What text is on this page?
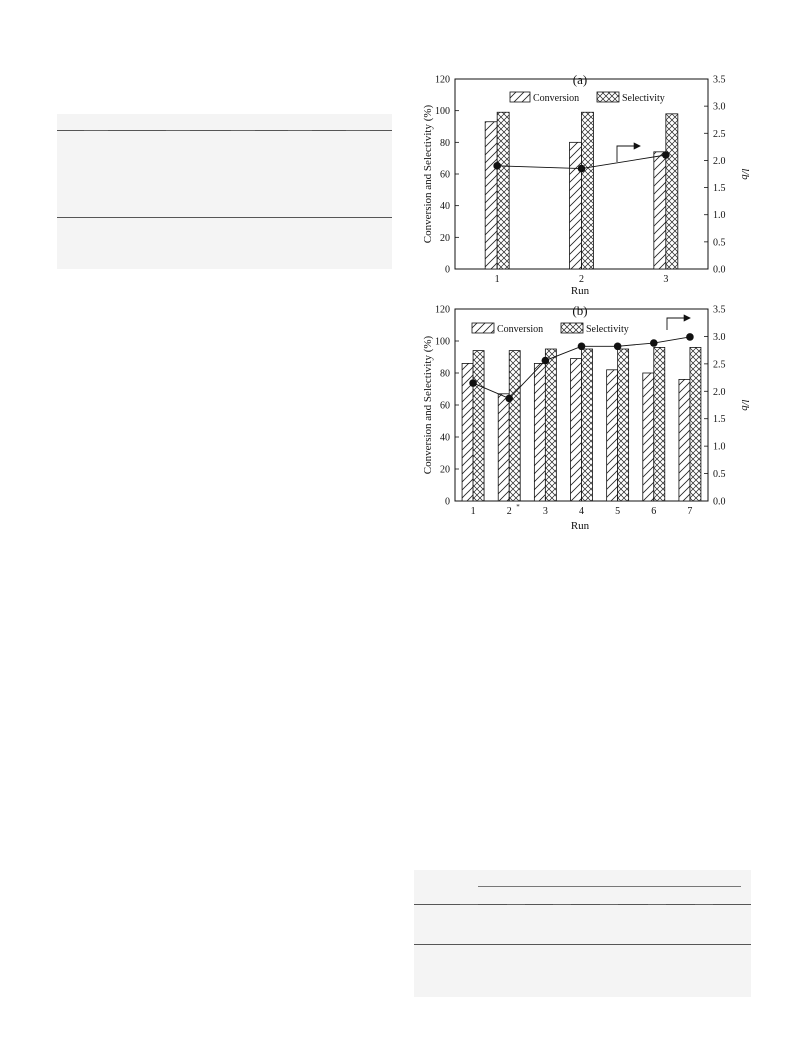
0
20
40
60
80
100
120
0.0
0.5
1.0
1.5
2.0
2.5
3.0
3.5
1	2	3
(a)
Run
Conversion and Selectivity (%)	l/b
Conversion	Selectivity
0
20
40
60
80
100
120
0.0
0.5
1.0
1.5
2.0
2.5
3.0
3.5
1	2 * 3	4	5	6	7
(b)
Run
Conversion and Selectivity (%)	l/b
Conversion	Selectivity
